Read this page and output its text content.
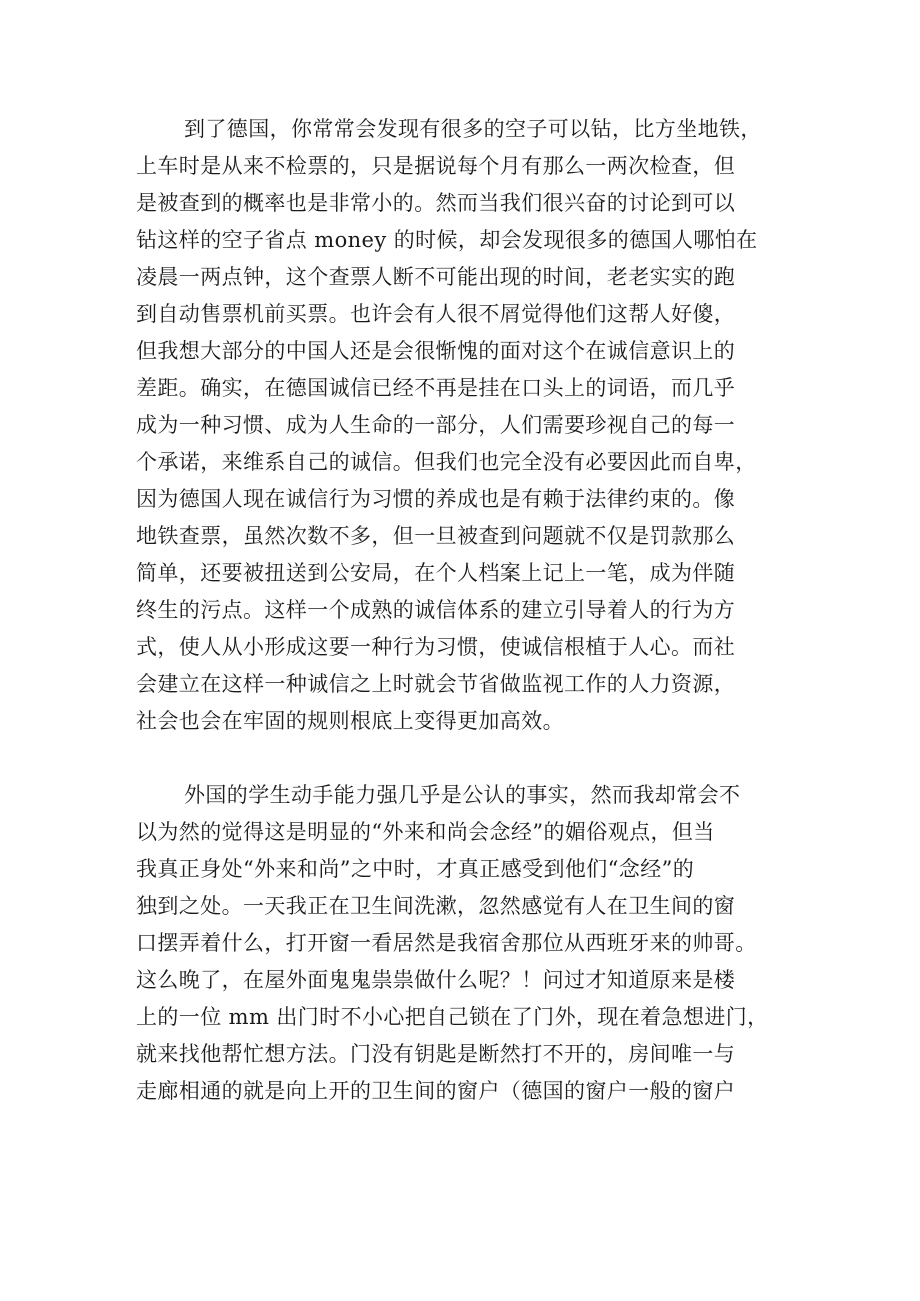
到了德国，你常常会发现有很多的空子可以钻，比方坐地铁，
上车时是从来不检票的，只是据说每个月有那么一两次检查，但
是被查到的概率也是非常小的。然而当我们很兴奋的讨论到可以
钻这样的空子省点 money 的时候，却会发现很多的德国人哪怕在
凌晨一两点钟，这个查票人断不可能出现的时间，老老实实的跑
到自动售票机前买票。也许会有人很不屑觉得他们这帮人好傻，
但我想大部分的中国人还是会很惭愧的面对这个在诚信意识上的
差距。确实，在德国诚信已经不再是挂在口头上的词语，而几乎
成为一种习惯、成为人生命的一部分，人们需要珍视自己的每一
个承诺，来维系自己的诚信。但我们也完全没有必要因此而自卑，
因为德国人现在诚信行为习惯的养成也是有赖于法律约束的。像
地铁查票，虽然次数不多，但一旦被查到问题就不仅是罚款那么
简单，还要被扭送到公安局，在个人档案上记上一笔，成为伴随
终生的污点。这样一个成熟的诚信体系的建立引导着人的行为方
式，使人从小形成这要一种行为习惯，使诚信根植于人心。而社
会建立在这样一种诚信之上时就会节省做监视工作的人力资源，
社会也会在牢固的规则根底上变得更加高效。
外国的学生动手能力强几乎是公认的事实，然而我却常会不
以为然的觉得这是明显的“外来和尚会念经”的媚俗观点，但当
我真正身处“外来和尚”之中时，才真正感受到他们“念经”的
独到之处。一天我正在卫生间洗漱，忽然感觉有人在卫生间的窗
口摆弄着什么，打开窗一看居然是我宿舍那位从西班牙来的帅哥。
这么晚了，在屋外面鬼鬼祟祟做什么呢？！问过才知道原来是楼
上的一位 mm 出门时不小心把自己锁在了门外，现在着急想进门，
就来找他帮忙想方法。门没有钥匙是断然打不开的，房间唯一与
走廊相通的就是向上开的卫生间的窗户（德国的窗户一般的窗户
